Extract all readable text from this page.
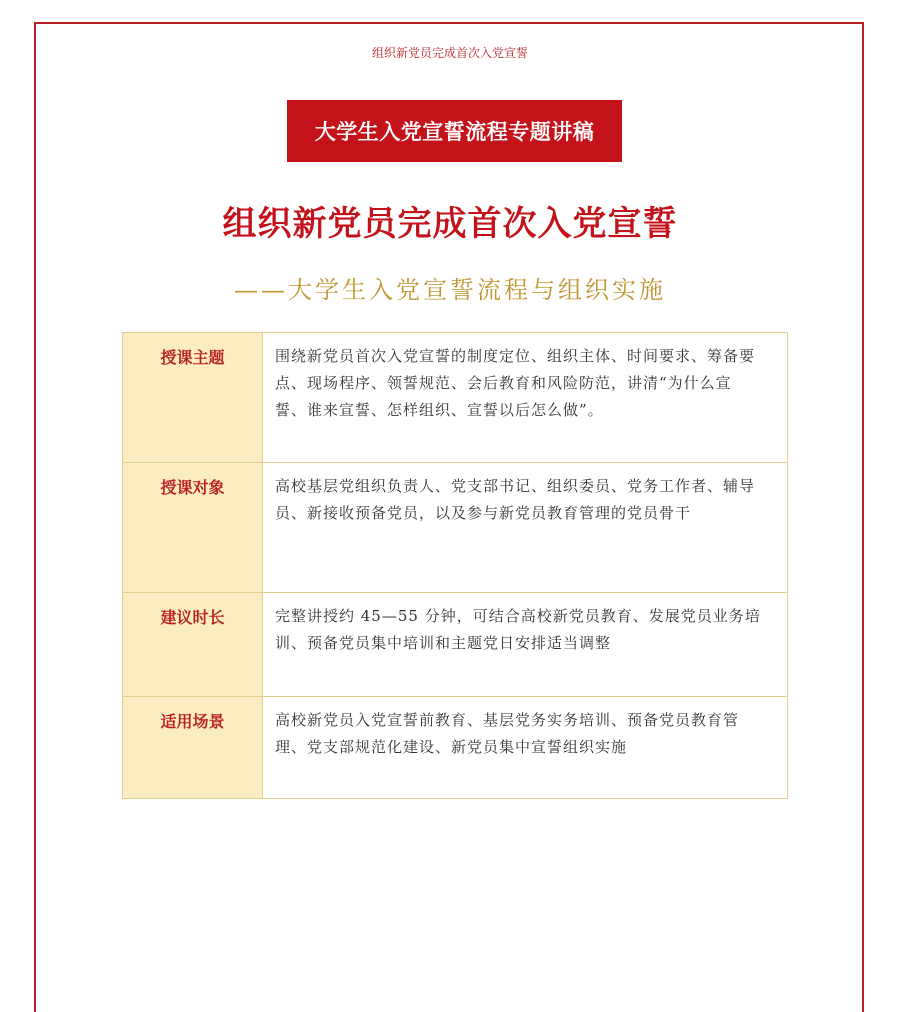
组织新党员完成首次入党宣誓
大学生入党宣誓流程专题讲稿
组织新党员完成首次入党宣誓
——大学生入党宣誓流程与组织实施
授课主题	围绕新党员首次入党宣誓的制度定位、组织主体、时间要求、筹备要点、现场程序、领誓规范、会后教育和风险防范，讲清“为什么宣誓、谁来宣誓、怎样组织、宣誓以后怎么做”。
授课对象	高校基层党组织负责人、党支部书记、组织委员、党务工作者、辅导员、新接收预备党员，以及参与新党员教育管理的党员骨干
建议时长	完整讲授约 45—55 分钟，可结合高校新党员教育、发展党员业务培训、预备党员集中培训和主题党日安排适当调整
适用场景	高校新党员入党宣誓前教育、基层党务实务培训、预备党员教育管理、党支部规范化建设、新党员集中宣誓组织实施
